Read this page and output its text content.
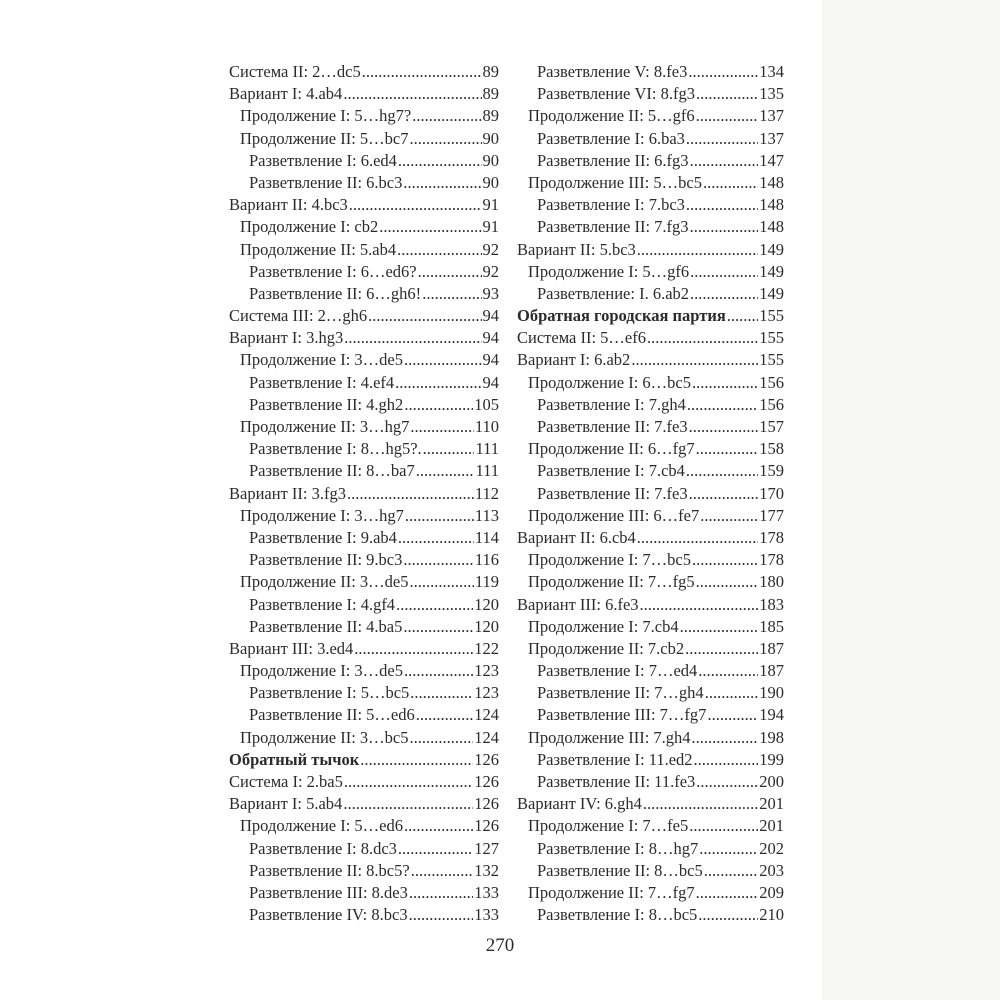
Система II: 2…dc5 .....	89
Вариант I: 4.ab4 .....	89
Продолжение I: 5…hg7? .....	89
Продолжение II: 5…bc7 .....	90
Разветвление I: 6.ed4 .....	90
Разветвление II: 6.bc3 .....	90
Вариант II: 4.bc3 .....	91
Продолжение I: cb2 .....	91
Продолжение II: 5.ab4 .....	92
Разветвление I: 6…ed6? .....	92
Разветвление II: 6…gh6! .....	93
Система III: 2…gh6 .....	94
Вариант I: 3.hg3 .....	94
Продолжение I: 3…de5 .....	94
Разветвление I: 4.ef4 .....	94
Разветвление II: 4.gh2 .....	105
Продолжение II: 3…hg7 .....	110
Разветвление I: 8…hg5?. .....	111
Разветвление II: 8…ba7 .....	111
Вариант II: 3.fg3 .....	112
Продолжение I: 3…hg7 .....	113
Разветвление I: 9.ab4 .....	114
Разветвление II: 9.bc3 .....	116
Продолжение II: 3…de5 .....	119
Разветвление I: 4.gf4 .....	120
Разветвление II: 4.ba5 .....	120
Вариант III: 3.ed4 .....	122
Продолжение I: 3…de5 .....	123
Разветвление I: 5…bc5 .....	123
Разветвление II: 5…ed6 .....	124
Продолжение II: 3…bc5 .....	124
Обратный тычок .....	126
Система I: 2.ba5 .....	126
Вариант I: 5.ab4 .....	126
Продолжение I: 5…ed6 .....	126
Разветвление I: 8.dc3 .....	127
Разветвление II: 8.bc5? .....	132
Разветвление III: 8.de3 .....	133
Разветвление IV: 8.bc3 .....	133
Разветвление V: 8.fe3 .....	134
Разветвление VI: 8.fg3 .....	135
Продолжение II: 5…gf6 .....	137
Разветвление I: 6.ba3 .....	137
Разветвление II: 6.fg3 .....	147
Продолжение III: 5…bc5 .....	148
Разветвление I: 7.bc3 .....	148
Разветвление II: 7.fg3 .....	148
Вариант II: 5.bc3 .....	149
Продолжение I: 5…gf6 .....	149
Разветвление: I. 6.ab2 .....	149
Обратная городская партия ..... 155
Система II: 5…ef6 .....	155
Вариант I: 6.ab2 .....	155
Продолжение I: 6…bc5 .....	156
Разветвление I: 7.gh4 .....	156
Разветвление II: 7.fe3 .....	157
Продолжение II: 6…fg7 .....	158
Разветвление I: 7.cb4 .....	159
Разветвление II: 7.fe3 .....	170
Продолжение III: 6…fe7 .....	177
Вариант II: 6.cb4 .....	178
Продолжение I: 7…bc5 .....	178
Продолжение II: 7…fg5 .....	180
Вариант III: 6.fe3 .....	183
Продолжение I: 7.cb4 .....	185
Продолжение II: 7.cb2 .....	187
Разветвление I: 7…ed4 .....	187
Разветвление II: 7…gh4 .....	190
Разветвление III: 7…fg7 .....	194
Продолжение III: 7.gh4 .....	198
Разветвление I: 11.ed2 .....	199
Разветвление II: 11.fe3 .....	200
Вариант IV: 6.gh4 .....	201
Продолжение I: 7…fe5 .....	201
Разветвление I: 8…hg7 .....	202
Разветвление II: 8…bc5 .....	203
Продолжение II: 7…fg7 .....	209
Разветвление I: 8…bc5 .....	210
270
